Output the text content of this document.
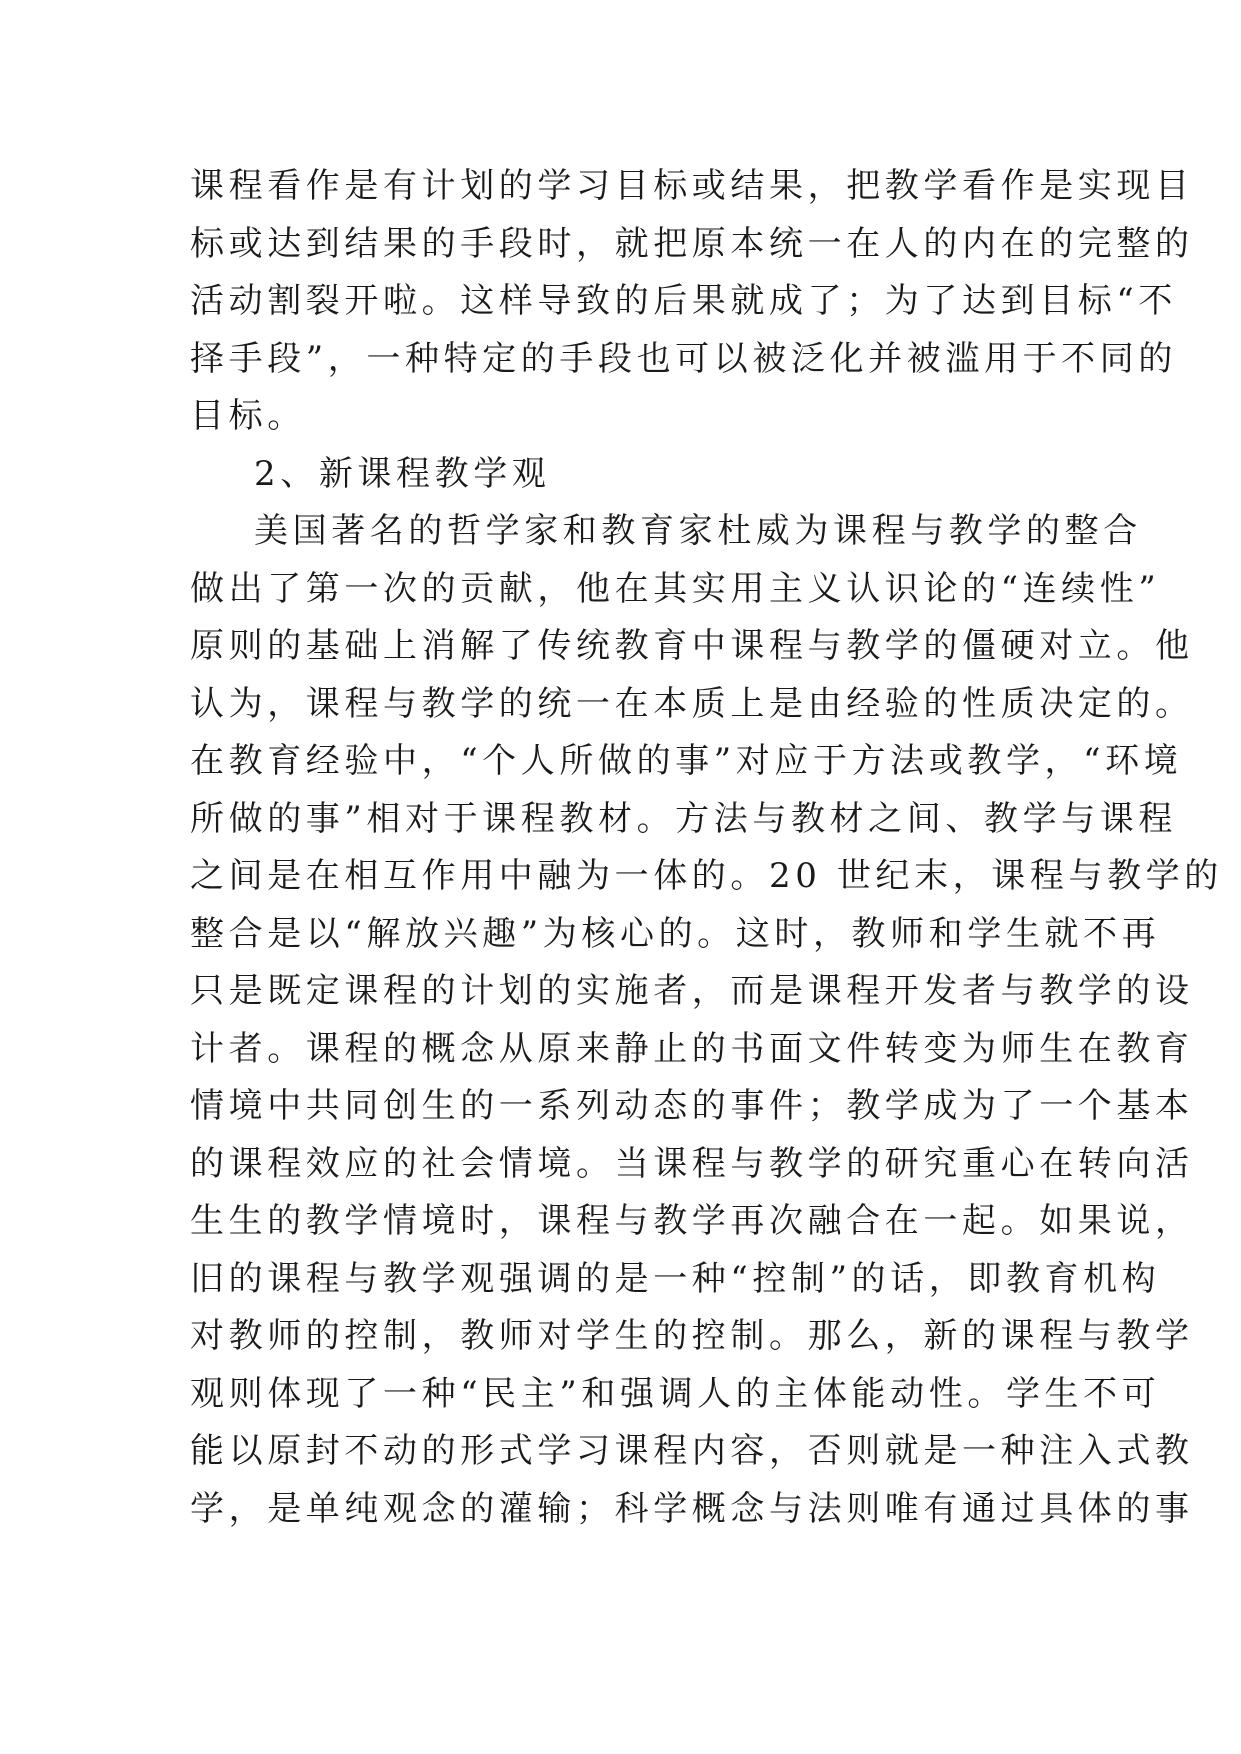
课程看作是有计划的学习目标或结果，把教学看作是实现目
标或达到结果的手段时，就把原本统一在人的内在的完整的
活动割裂开啦。这样导致的后果就成了；为了达到目标“不
择手段”，一种特定的手段也可以被泛化并被滥用于不同的
目标。
2、新课程教学观
美国著名的哲学家和教育家杜威为课程与教学的整合
做出了第一次的贡献，他在其实用主义认识论的“连续性”
原则的基础上消解了传统教育中课程与教学的僵硬对立。他
认为，课程与教学的统一在本质上是由经验的性质决定的。
在教育经验中，“个人所做的事”对应于方法或教学，“环境
所做的事”相对于课程教材。方法与教材之间、教学与课程
之间是在相互作用中融为一体的。20 世纪末，课程与教学的
整合是以“解放兴趣”为核心的。这时，教师和学生就不再
只是既定课程的计划的实施者，而是课程开发者与教学的设
计者。课程的概念从原来静止的书面文件转变为师生在教育
情境中共同创生的一系列动态的事件；教学成为了一个基本
的课程效应的社会情境。当课程与教学的研究重心在转向活
生生的教学情境时，课程与教学再次融合在一起。如果说，
旧的课程与教学观强调的是一种“控制”的话，即教育机构
对教师的控制，教师对学生的控制。那么，新的课程与教学
观则体现了一种“民主”和强调人的主体能动性。学生不可
能以原封不动的形式学习课程内容，否则就是一种注入式教
学，是单纯观念的灌输；科学概念与法则唯有通过具体的事
